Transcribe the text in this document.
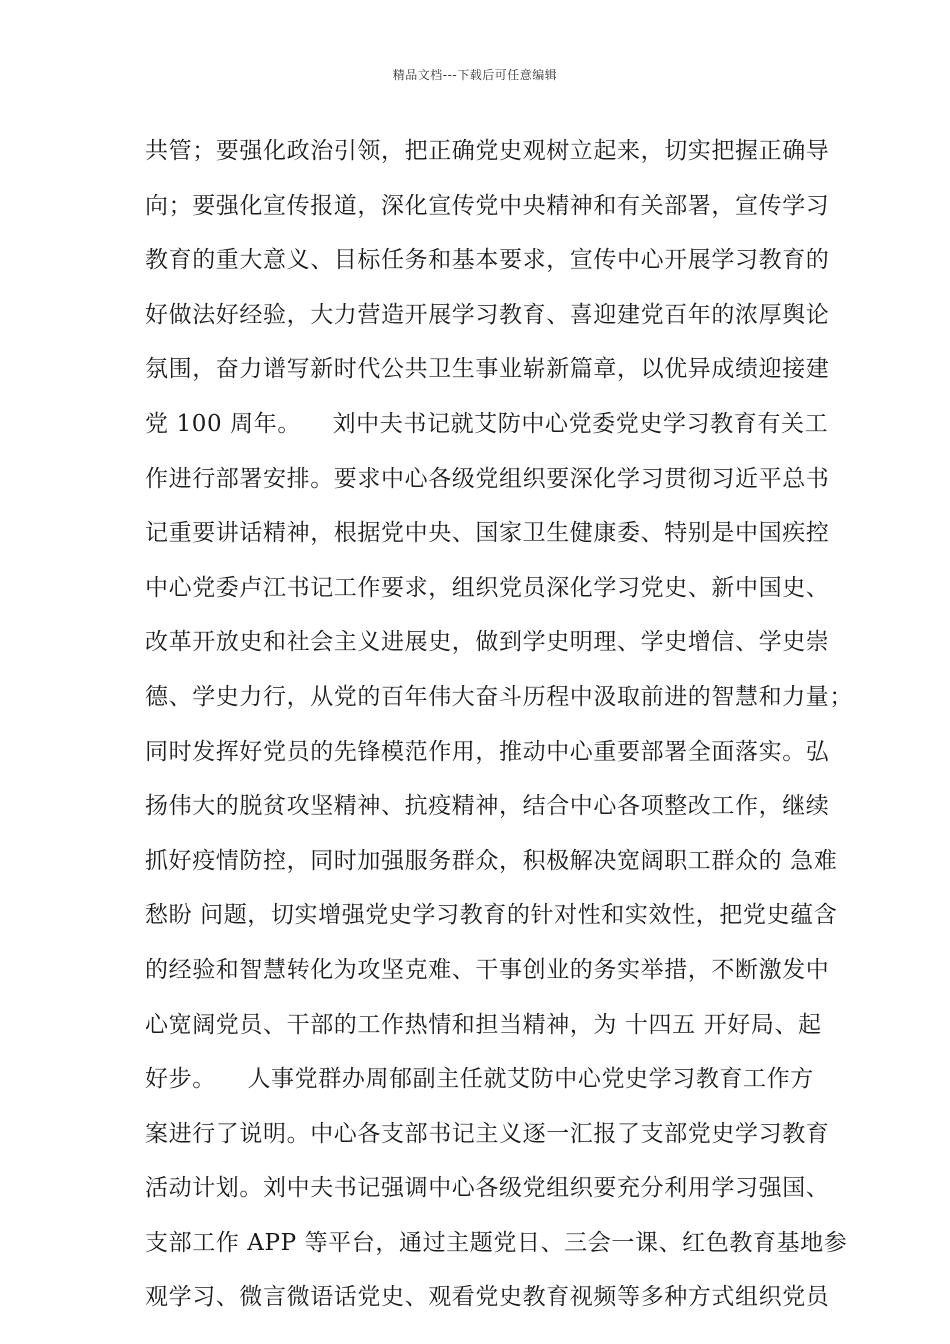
精品文档---下载后可任意编辑
共管；要强化政治引领，把正确党史观树立起来，切实把握正确导
向；要强化宣传报道，深化宣传党中央精神和有关部署，宣传学习
教育的重大意义、目标任务和基本要求，宣传中心开展学习教育的
好做法好经验，大力营造开展学习教育、喜迎建党百年的浓厚舆论
氛围，奋力谱写新时代公共卫生事业崭新篇章，以优异成绩迎接建
党 100 周年。    刘中夫书记就艾防中心党委党史学习教育有关工
作进行部署安排。要求中心各级党组织要深化学习贯彻习近平总书
记重要讲话精神，根据党中央、国家卫生健康委、特别是中国疾控
中心党委卢江书记工作要求，组织党员深化学习党史、新中国史、
改革开放史和社会主义进展史，做到学史明理、学史增信、学史崇
德、学史力行，从党的百年伟大奋斗历程中汲取前进的智慧和力量；
同时发挥好党员的先锋模范作用，推动中心重要部署全面落实。弘
扬伟大的脱贫攻坚精神、抗疫精神，结合中心各项整改工作，继续
抓好疫情防控，同时加强服务群众，积极解决宽阔职工群众的 急难
愁盼 问题，切实增强党史学习教育的针对性和实效性，把党史蕴含
的经验和智慧转化为攻坚克难、干事创业的务实举措，不断激发中
心宽阔党员、干部的工作热情和担当精神，为 十四五 开好局、起
好步。    人事党群办周郁副主任就艾防中心党史学习教育工作方
案进行了说明。中心各支部书记主义逐一汇报了支部党史学习教育
活动计划。刘中夫书记强调中心各级党组织要充分利用学习强国、
支部工作 APP 等平台，通过主题党日、三会一课、红色教育基地参
观学习、微言微语话党史、观看党史教育视频等多种方式组织党员
